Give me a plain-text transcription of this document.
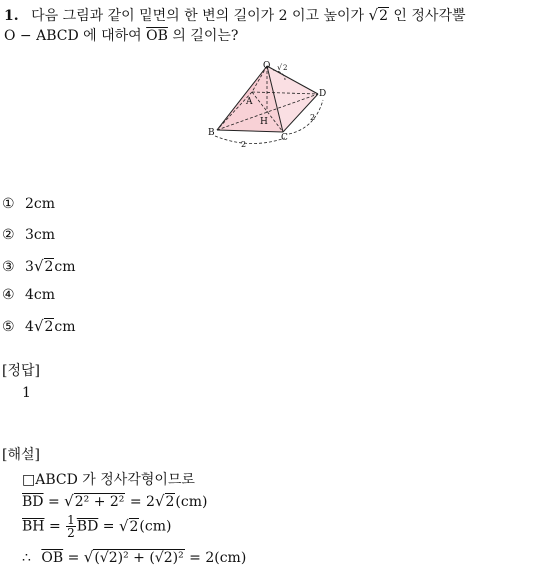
1. 다음 그림과 같이 밑면의 한 변의 길이가 2 이고 높이가 √2 인 정사각뿔
O − ABCD 에 대하여 $\overline{OB}$ 의 길이는?
O
A
B	C
D
H
√ 2
2
2
① 2cm
② 3cm
③ 3√2cm
④ 4cm
⑤ 4√2cm
[정답]
1
[해설]
□ABCD 가 정사각형이므로
$\overline{BD} = √2^2 + 2^2 = 2√2(cm)$
$\overline{BH} = \frac{1}{2} \overline{BD} = √2(cm)$
∴ $\overline{OB} = √(√2)^2 + (√2)^2 = 2(cm)$
